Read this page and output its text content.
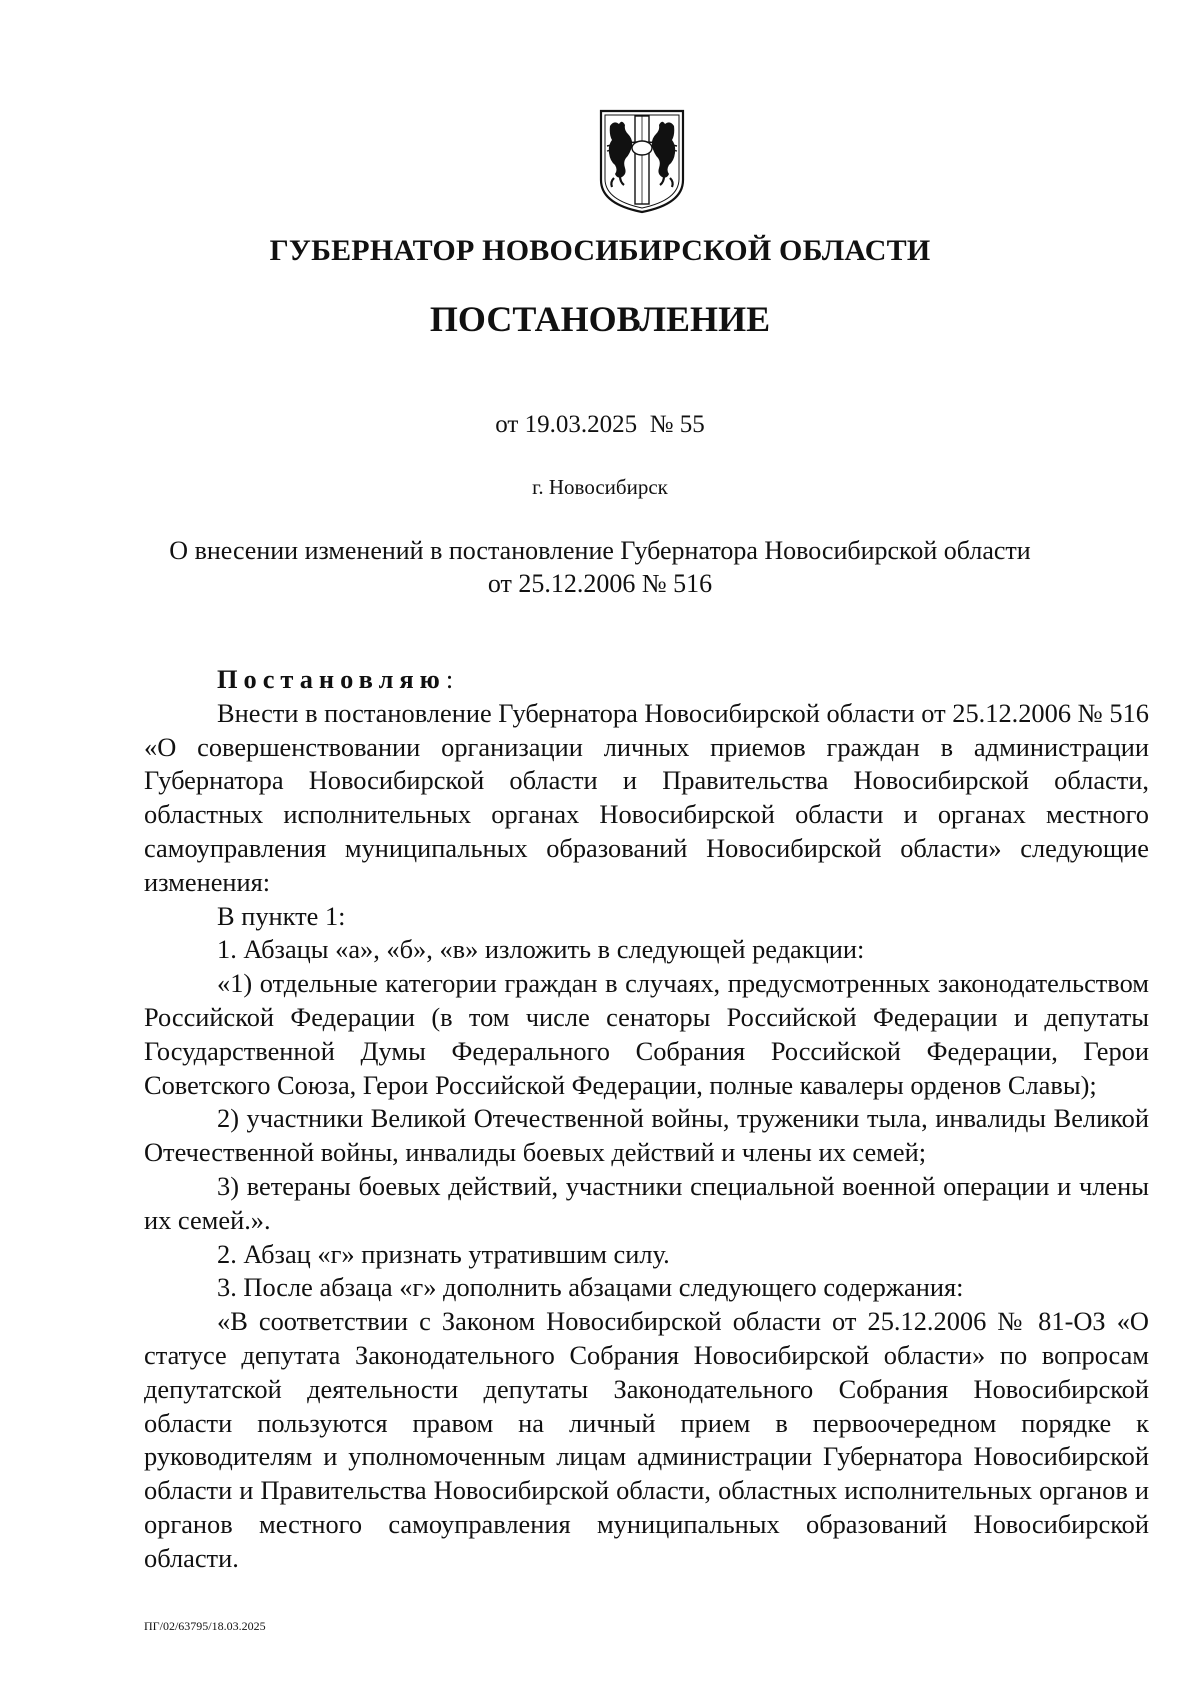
ГУБЕРНАТОР НОВОСИБИРСКОЙ ОБЛАСТИ
ПОСТАНОВЛЕНИЕ
от 19.03.2025  № 55
г. Новосибирск
О внесении изменений в постановление Губернатора Новосибирской области
от 25.12.2006 № 516

Постановляю:

Внести в постановление Губернатора Новосибирской области от 25.12.2006 № 516 «О совершенствовании организации личных приемов граждан в администрации Губернатора Новосибирской области и Правительства Новосибирской области, областных исполнительных органах Новосибирской области и органах местного самоуправления муниципальных образований Новосибирской области» следующие изменения:

В пункте 1:

1. Абзацы «а», «б», «в» изложить в следующей редакции:

«1) отдельные категории граждан в случаях, предусмотренных законодательством Российской Федерации (в том числе сенаторы Российской Федерации и депутаты Государственной Думы Федерального Собрания Российской Федерации, Герои Советского Союза, Герои Российской Федерации, полные кавалеры орденов Славы);

2) участники Великой Отечественной войны, труженики тыла, инвалиды Великой Отечественной войны, инвалиды боевых действий и члены их семей;

3) ветераны боевых действий, участники специальной военной операции и члены их семей.».

2. Абзац «г» признать утратившим силу.

3. После абзаца «г» дополнить абзацами следующего содержания:

«В соответствии с Законом Новосибирской области от 25.12.2006 № 81-ОЗ «О статусе депутата Законодательного Собрания Новосибирской области» по вопросам депутатской деятельности депутаты Законодательного Собрания Новосибирской области пользуются правом на личный прием в первоочередном порядке к руководителям и уполномоченным лицам администрации Губернатора Новосибирской области и Правительства Новосибирской области, областных исполнительных органов и органов местного самоуправления муниципальных образований Новосибирской области.

ПГ/02/63795/18.03.2025
